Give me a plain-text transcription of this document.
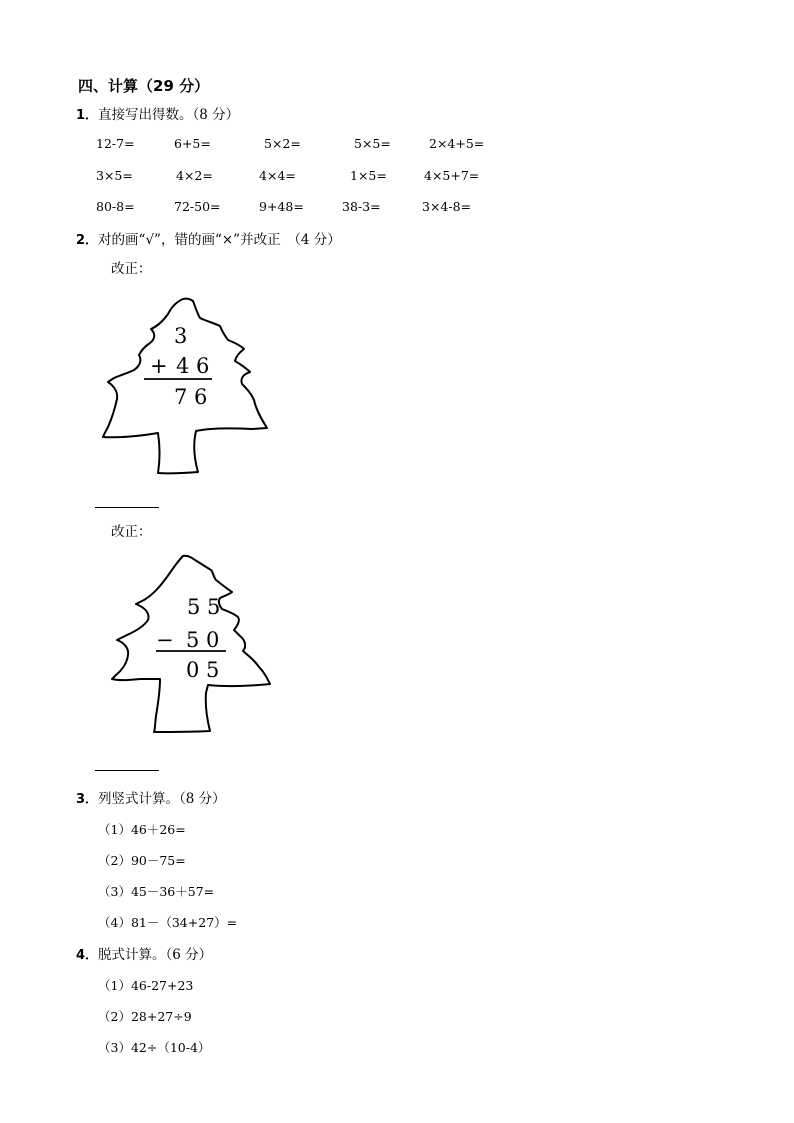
四、计算（29 分）
1．直接写出得数。（8 分）
12-7=	6+5=	5×2=	5×5=	2×4+5=
3×5=	4×2=	4×4=	1×5=	4×5+7=
80-8=	72-50=	9+48=	38-3=	3×4-8=
2．对的画“√”，错的画“×”并改正　（4 分）
改正：
3
+ 4 6
7 6
改正：
5 5
− 5 0
0 5
3．列竖式计算。（8 分）
（1）46＋26=
（2）90－75=
（3）45－36＋57=
（4）81－（34+27）=
4．脱式计算。（6 分）
（1）46-27+23
（2）28+27÷9
（3）42÷（10-4）
